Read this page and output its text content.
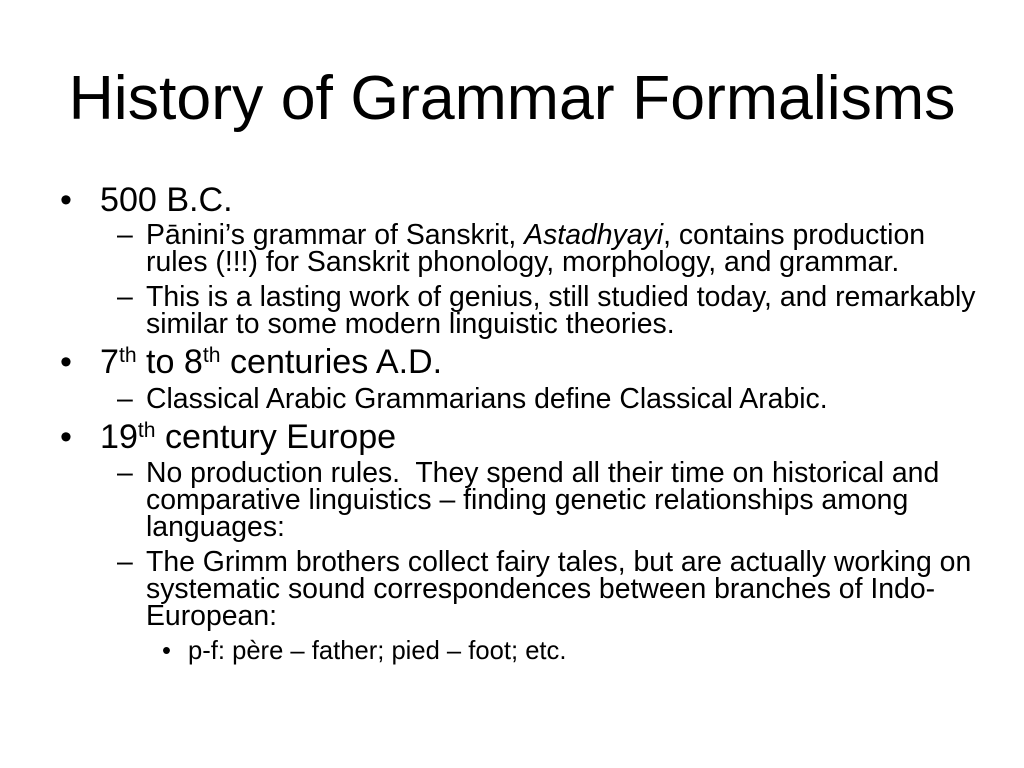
History of Grammar Formalisms
• 500 B.C.
– Pānini’s grammar of Sanskrit, Astadhyayi, contains production
rules (!!!) for Sanskrit phonology, morphology, and grammar.
– This is a lasting work of genius, still studied today, and remarkably
similar to some modern linguistic theories.
• 7th to 8th centuries A.D.
– Classical Arabic Grammarians define Classical Arabic.
• 19th century Europe
– No production rules.  They spend all their time on historical and
comparative linguistics – finding genetic relationships among
languages:
– The Grimm brothers collect fairy tales, but are actually working on
systematic sound correspondences between branches of Indo-
European:
• p-f: père – father; pied – foot; etc.
